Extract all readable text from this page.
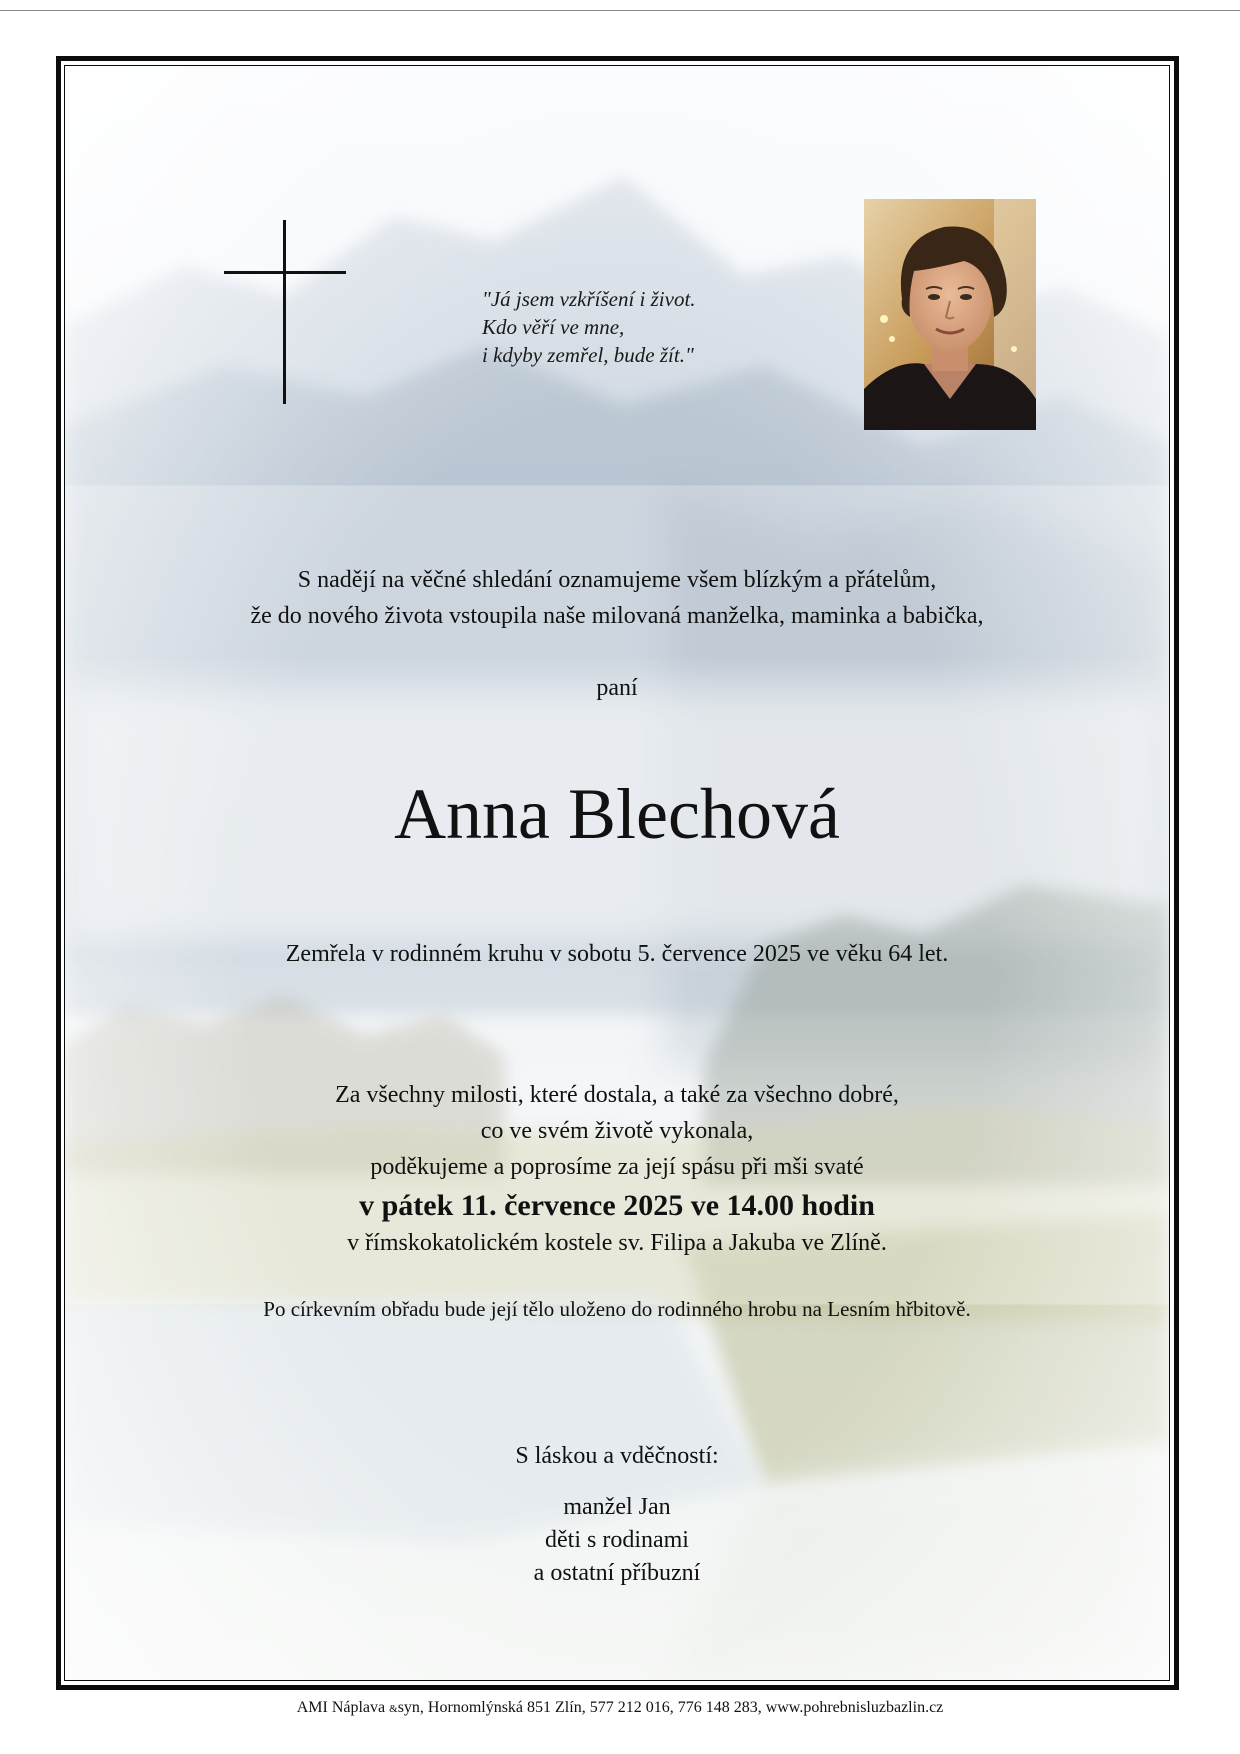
"Já jsem vzkříšení i život.
Kdo věří ve mne,
i kdyby zemřel, bude žít."
S nadějí na věčné shledání oznamujeme všem blízkým a přátelům,
že do nového života vstoupila naše milovaná manželka, maminka a babička,
paní
Anna Blechová
Zemřela v rodinném kruhu v sobotu 5. července 2025 ve věku 64 let.
Za všechny milosti, které dostala, a také za všechno dobré,
co ve svém životě vykonala,
poděkujeme a poprosíme za její spásu při mši svaté
v pátek 11. července 2025 ve 14.00 hodin
v římskokatolickém kostele sv. Filipa a Jakuba ve Zlíně.
Po církevním obřadu bude její tělo uloženo do rodinného hrobu na Lesním hřbitově.
S láskou a vděčností:
manžel Jan
děti s rodinami
a ostatní příbuzní
AMI Náplava &syn, Hornomlýnská 851 Zlín, 577 212 016, 776 148 283, www.pohrebnisluzbazlin.cz
